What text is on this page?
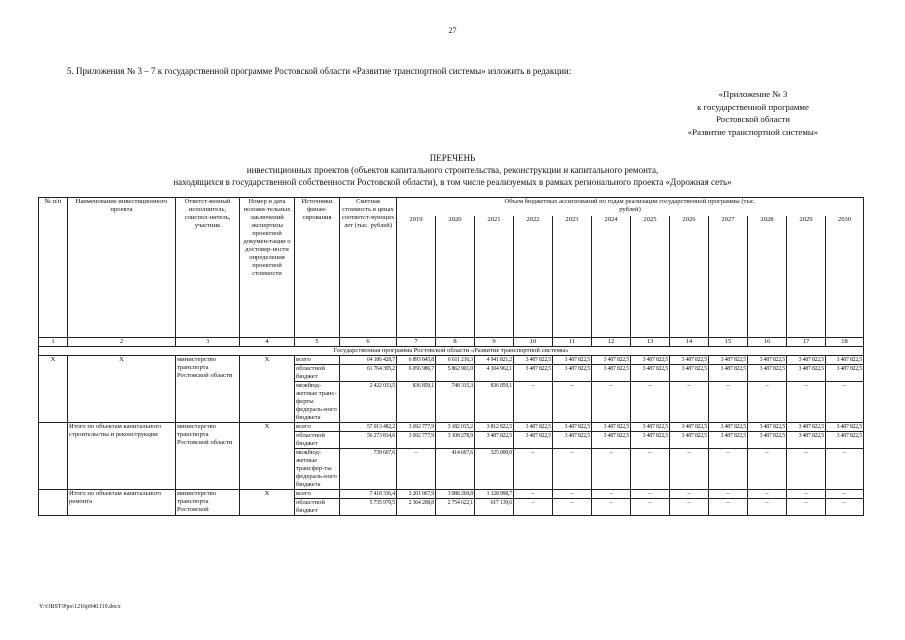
27
5. Приложения № 3 – 7 к государственной программе Ростовской области «Развитие транспортной системы» изложить в редакции:
«Приложение № 3
к государственной программе
Ростовской области
«Развитие транспортной системы»
ПЕРЕЧЕНЬ
инвестиционных проектов (объектов капитального строительства, реконструкции и капитального ремонта,
находящихся в государственной собственности Ростовской области), в том числе реализуемых в рамках регионального проекта «Дорожная сеть»
№ п/п	Наименование инвестиционного проекта	Ответст-венный исполнитель, соиспол-нитель, участник	Номер и дата положи-тельных заключений экспертизы проектной докумен-тации о достовер-ности определения проектной стоимости	Источники финан-сирования	Сметная стоимость в ценах соответст-вующих лет (тыс. рублей)	Объем бюджетных ассигнований по годам реализации государственной программы (тыс. рублей)											
						2019	2020	2021	2022	2023	2024	2025	2026	2027	2028	2029	2030
1	2	3	4	5	6	7	8	9	10	11	12	13	14	15	16	17	18
Государственная программа Ростовской области «Развитие транспортной системы»																	
Х	Х	министерство транспорта Ростовской области	Х	всего	64 186 428,7	6 893 845,8	6 611 216,3	4 941 821,2	3 487 822,5	3 487 822,5	3 487 822,5	3 487 822,5	3 487 822,5	3 487 822,5	3 487 822,5	3 487 822,5	3 487 822,5
				областной бюджет	61 764 395,2	6 056 986,7	5 862 901,0	4 104 962,1	3 487 822,5	3 487 822,5	3 487 822,5	3 487 822,5	3 487 822,5	3 487 822,5	3 487 822,5	3 487 822,5	3 487 822,5
				межбюд-жетные транс-ферты федераль-ного бюджета	2 422 033,5	836 859,1	748 315,3	836 859,1	–	–	–	–	–	–	–	–	–
	Итого по объектам капитального строительства и реконструкции	министерство транспорта Ростовской области	Х	всего	57 013 482,2	3 692 777,9	3 182 015,2	3 812 822,5	3 487 822,5	3 487 822,5	3 487 822,5	3 487 822,5	3 487 822,5	3 487 822,5	3 487 822,5	3 487 822,5	3 487 822,5
				областной бюджет	56 273 814,6	3 692 777,9	3 108 278,9	3 487 822,5	3 487 822,5	3 487 822,5	3 487 822,5	3 487 822,5	3 487 822,5	3 487 822,5	3 487 822,5	3 487 822,5	3 487 822,5
				межбюд-жетные трансфер-ты федераль-ного бюджета	739 667,6	–	414 667,6	325 000,0	–	–	–	–	–	–	–	–	–
	Итого по объектам капитального ремонта	министерство транспорта Ростовской	Х	всего	7 418 336,4	3 201 067,9	3 088 269,8	1 128 998,7	–	–	–	–	–	–	–	–	–
				областной бюджет	5 735 970,5	2 364 208,8	2 754 622,1	617 139,6	–	–	–	–	–	–	–	–	–
Y:\ORST\Ppo\1216p940.f19.docx
